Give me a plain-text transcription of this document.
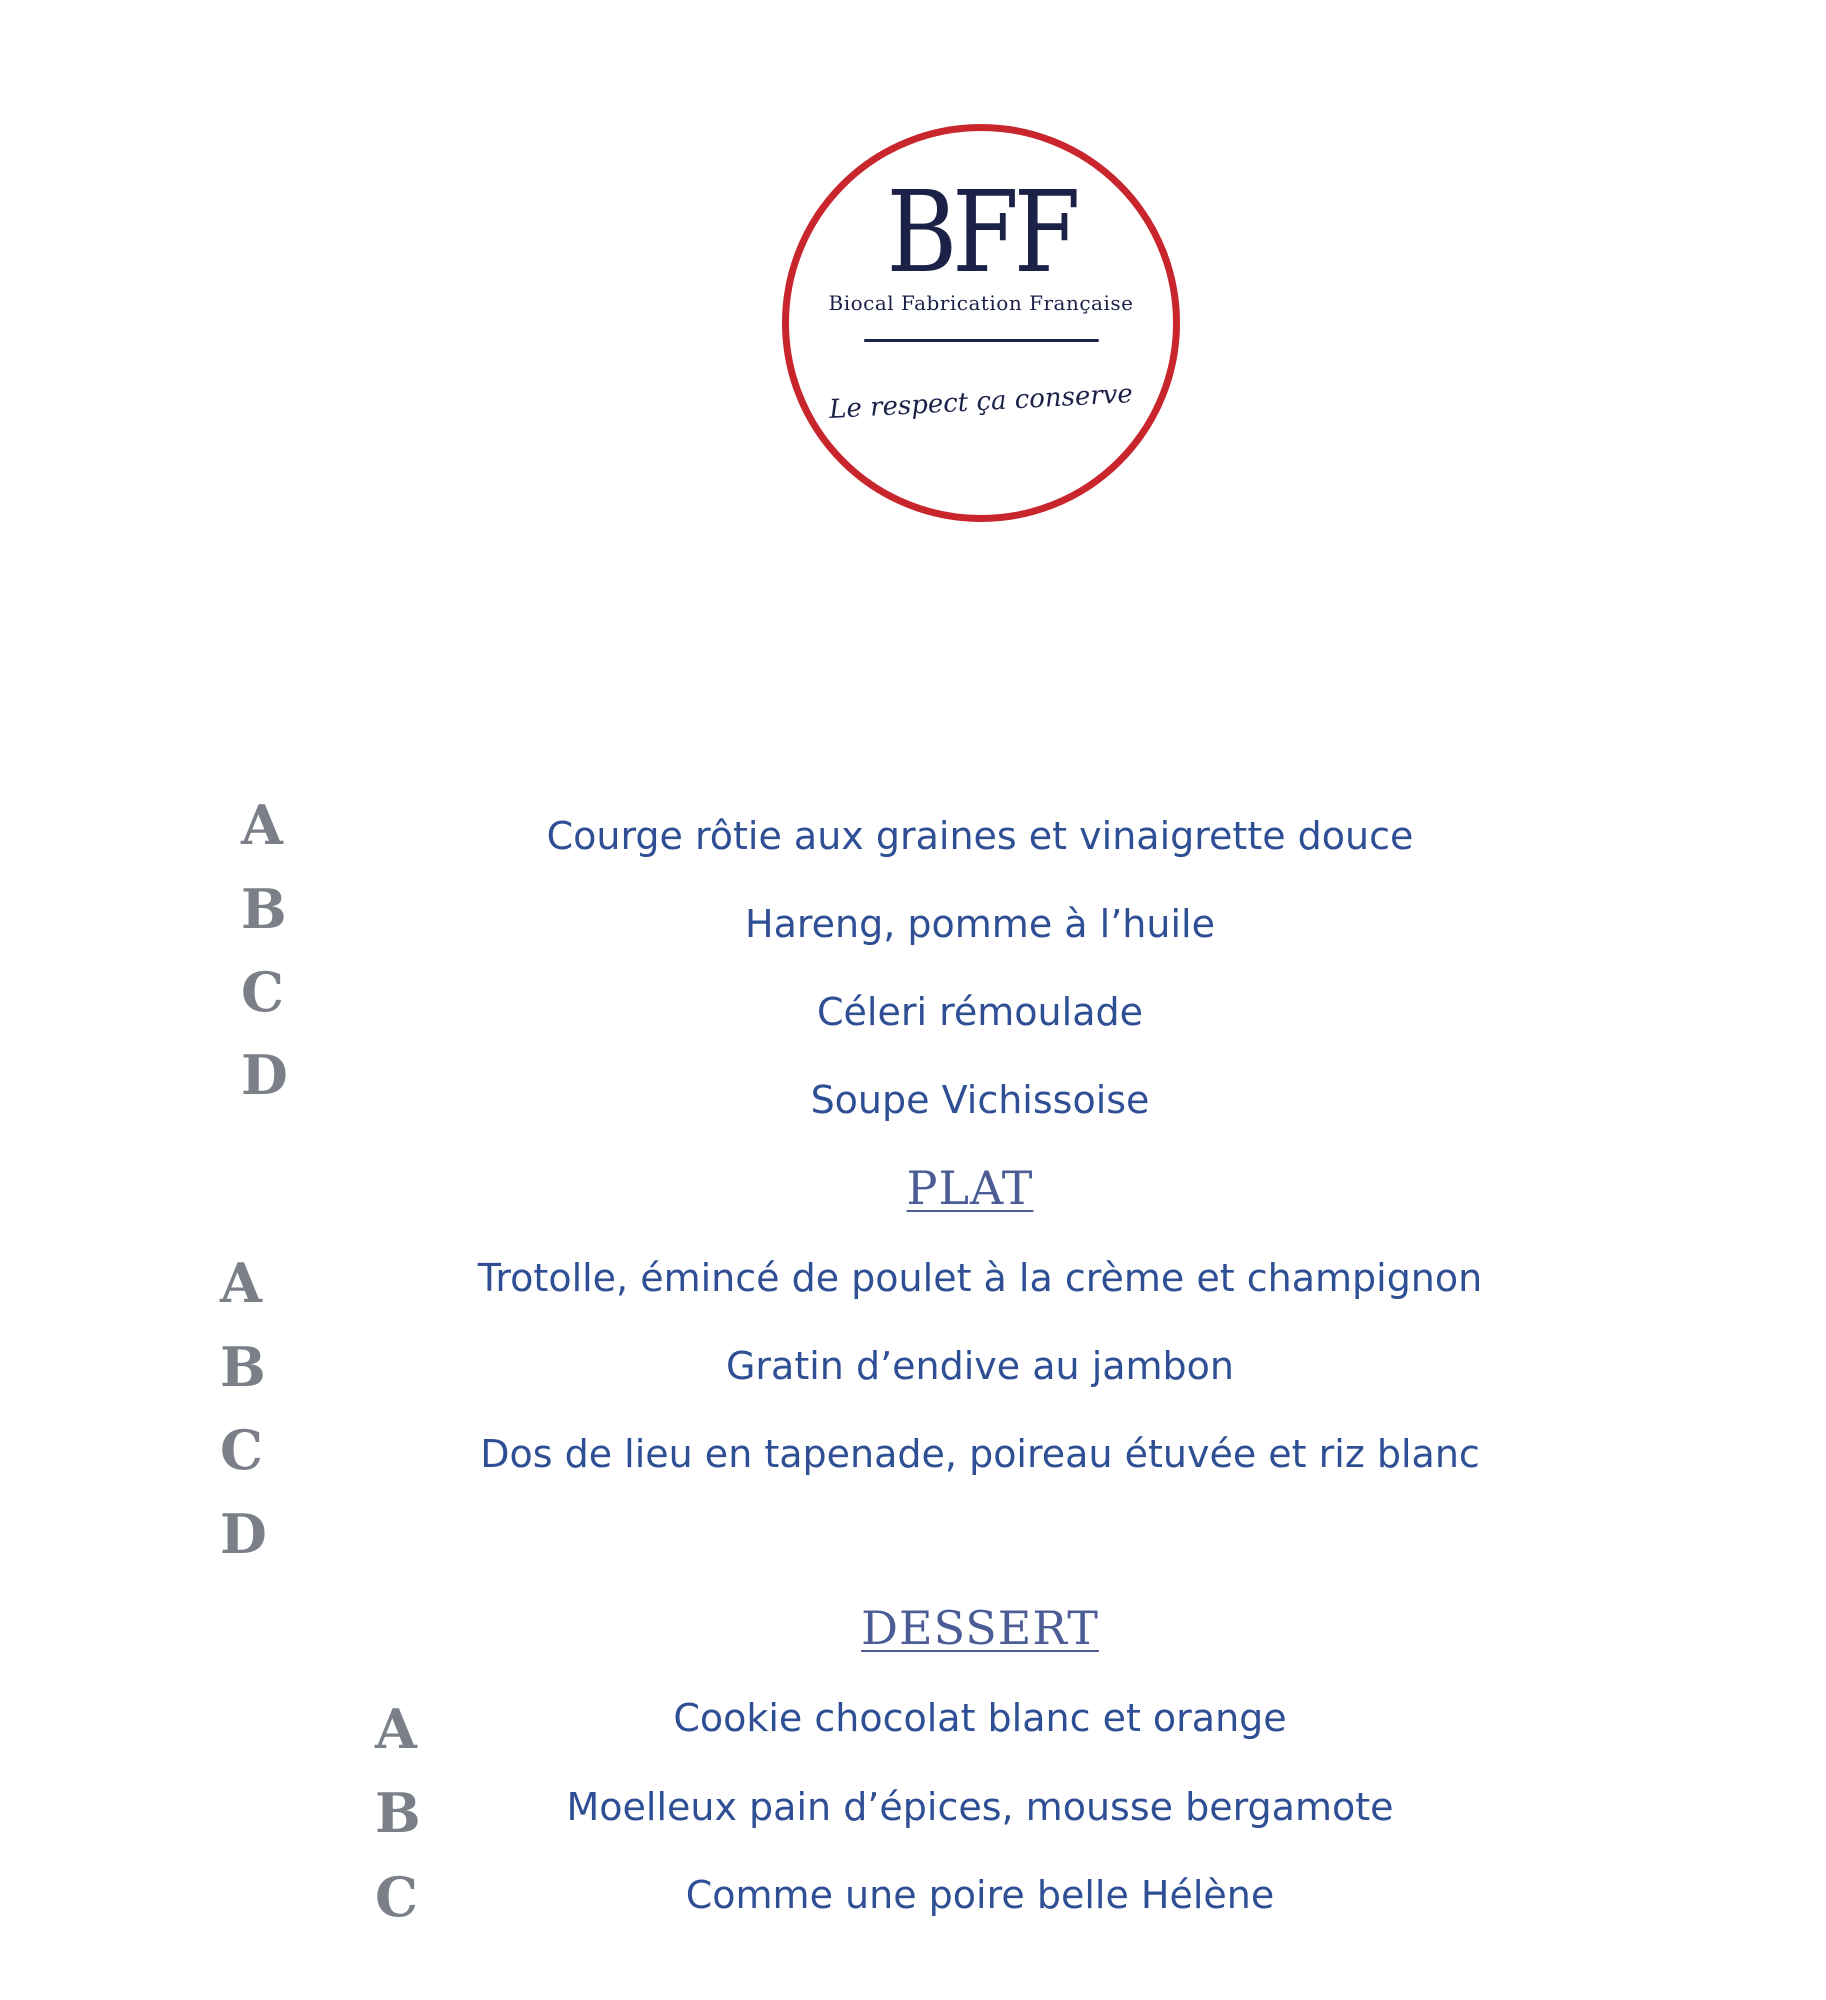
BFF
Biocal Fabrication Française
Le respect ça conserve
A
B
C
D
Courge rôtie aux graines et vinaigrette douce
Hareng, pomme à l’huile
Céleri rémoulade
Soupe Vichissoise
PLAT
A
B
C
D
Trotolle, émincé de poulet à la crème et champignon
Gratin d’endive au jambon
Dos de lieu en tapenade, poireau étuvée et riz blanc
DESSERT
A
B
C
Cookie chocolat blanc et orange
Moelleux pain d’épices, mousse bergamote
Comme une poire belle Hélène
